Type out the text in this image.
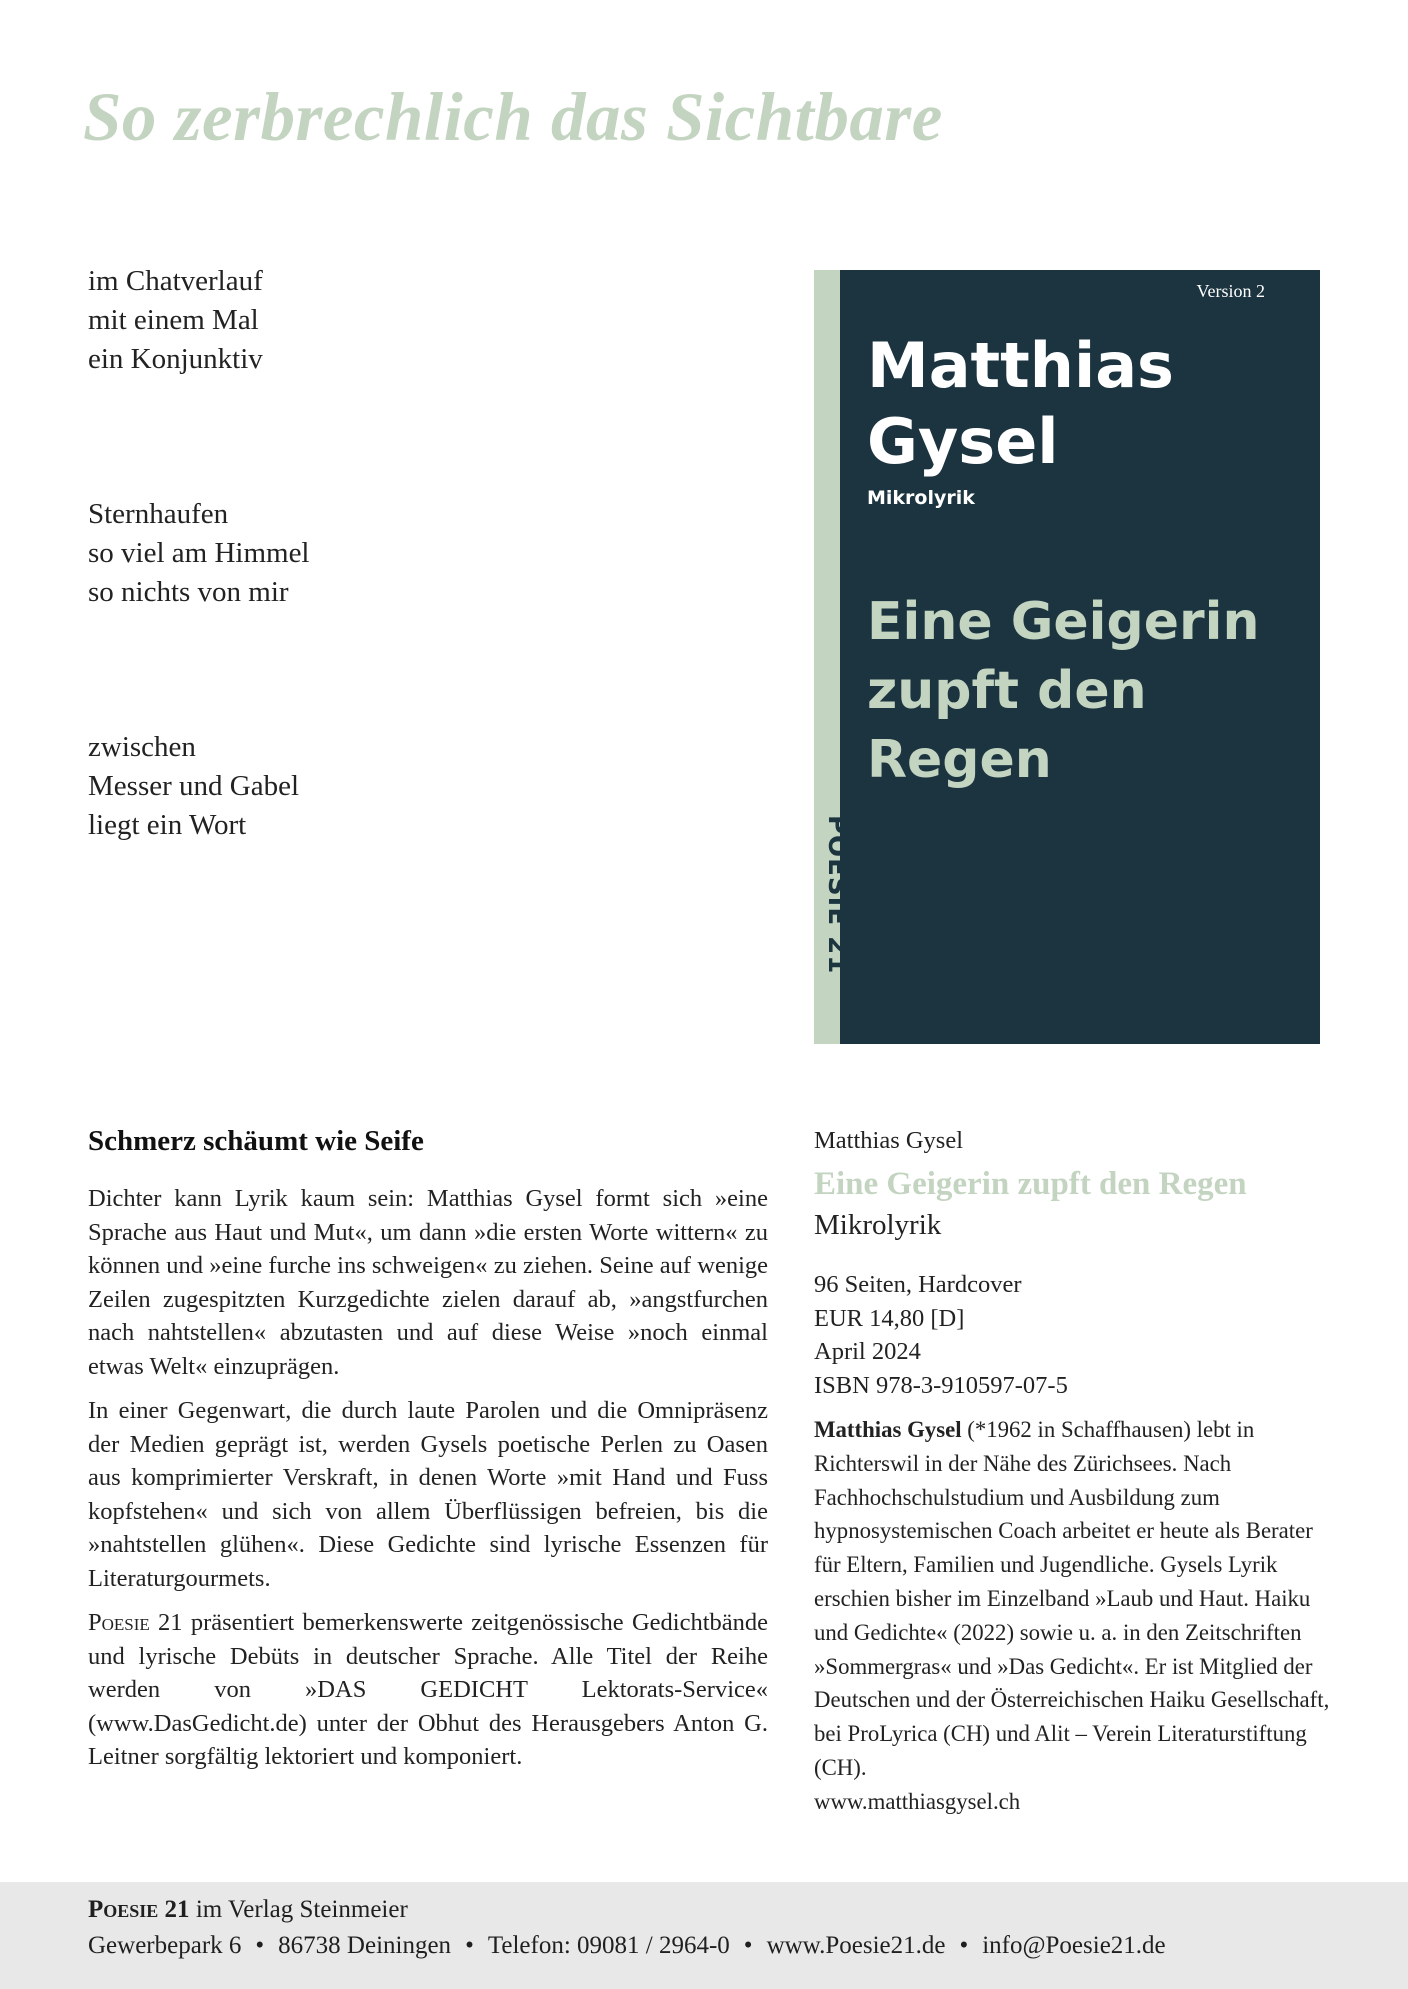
So zerbrechlich das Sichtbare
im Chatverlauf
mit einem Mal
ein Konjunktiv
Sternhaufen
so viel am Himmel
so nichts von mir
zwischen
Messer und Gabel
liegt ein Wort
Version 2
Matthias
Gysel
Mikrolyrik
Eine Geigerin zupft den Regen
POESIE 21
Schmerz schäumt wie Seife

Dichter kann Lyrik kaum sein: Matthias Gysel formt sich »eine Sprache aus Haut und Mut«, um dann »die ersten Worte wittern« zu können und »eine furche ins schweigen« zu ziehen. Seine auf wenige Zeilen zugespitzten Kurzgedichte zielen darauf ab, »angstfurchen nach nahtstellen« abzutasten und auf diese Weise »noch einmal etwas Welt« einzuprägen.

In einer Gegenwart, die durch laute Parolen und die Omnipräsenz der Medien geprägt ist, werden Gysels poetische Perlen zu Oasen aus komprimierter Verskraft, in denen Worte »mit Hand und Fuss kopfstehen« und sich von allem Überflüssigen befreien, bis die »nahtstellen glühen«. Diese Gedichte sind lyrische Essenzen für Literaturgourmets.

Poesie 21 präsentiert bemerkenswerte zeitgenössische Gedichtbände und lyrische Debüts in deutscher Sprache. Alle Titel der Reihe werden von »DAS GEDICHT Lektorats-Service« (www.DasGedicht.de) unter der Obhut des Herausgebers Anton G. Leitner sorgfältig lektoriert und komponiert.

Matthias Gysel
Eine Geigerin zupft den Regen
Mikrolyrik
96 Seiten, Hardcover
EUR 14,80 [D]
April 2024
ISBN 978-3-910597-07-5

Matthias Gysel (*1962 in Schaffhausen) lebt in Richterswil in der Nähe des Zürichsees. Nach Fachhochschulstudium und Ausbildung zum hypnosystemischen Coach arbeitet er heute als Berater für Eltern, Familien und Jugendliche. Gysels Lyrik erschien bisher im Einzelband »Laub und Haut. Haiku und Gedichte« (2022) sowie u. a. in den Zeitschriften »Sommergras« und »Das Gedicht«. Er ist Mitglied der Deutschen und der Österreichischen Haiku Gesellschaft, bei ProLyrica (CH) und Alit – Verein Literaturstiftung (CH).
www.matthiasgysel.ch

Poesie 21 im Verlag Steinmeier
Gewerbepark 6 • 86738 Deiningen • Telefon: 09081 / 2964-0 • www.Poesie21.de • info@Poesie21.de
